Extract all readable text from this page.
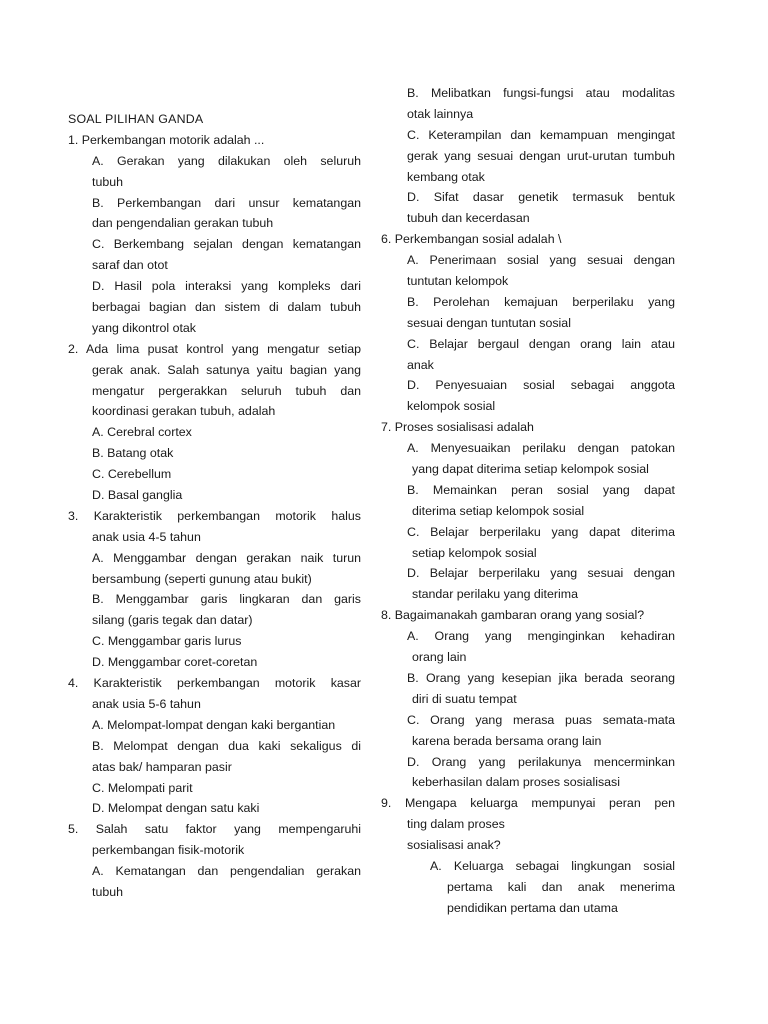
SOAL PILIHAN GANDA
1. Perkembangan motorik adalah ...
A. Gerakan yang dilakukan oleh seluruh
tubuh
B. Perkembangan dari unsur kematangan
dan pengendalian gerakan tubuh
C. Berkembang sejalan dengan kematangan
saraf dan otot
D. Hasil pola interaksi yang kompleks dari
berbagai bagian dan sistem di dalam tubuh
yang dikontrol otak
2. Ada lima pusat kontrol yang mengatur setiap
gerak anak. Salah satunya yaitu bagian yang
mengatur pergerakkan seluruh tubuh dan
koordinasi gerakan tubuh, adalah
A. Cerebral cortex
B. Batang otak
C. Cerebellum
D. Basal ganglia
3. Karakteristik perkembangan motorik halus
anak usia 4-5 tahun
A. Menggambar dengan gerakan naik turun
bersambung (seperti gunung atau bukit)
B. Menggambar garis lingkaran dan garis
silang (garis tegak dan datar)
C. Menggambar garis lurus
D. Menggambar coret-coretan
4. Karakteristik perkembangan motorik kasar
anak usia 5-6 tahun
A. Melompat-lompat dengan kaki bergantian
B. Melompat dengan dua kaki sekaligus di
atas bak/ hamparan pasir
C. Melompati parit
D. Melompat dengan satu kaki
5. Salah satu faktor yang mempengaruhi
perkembangan fisik-motorik
A. Kematangan dan pengendalian gerakan
tubuh
B. Melibatkan fungsi-fungsi atau modalitas
otak lainnya
C. Keterampilan dan kemampuan mengingat
gerak yang sesuai dengan urut-urutan tumbuh
kembang otak
D. Sifat dasar genetik termasuk bentuk
tubuh dan kecerdasan
6. Perkembangan sosial adalah \
A. Penerimaan sosial yang sesuai dengan
tuntutan kelompok
B. Perolehan kemajuan berperilaku yang
sesuai dengan tuntutan sosial
C. Belajar bergaul dengan orang lain atau
anak
D. Penyesuaian sosial sebagai anggota
kelompok sosial
7. Proses sosialisasi adalah
A. Menyesuaikan perilaku dengan patokan
yang dapat diterima setiap kelompok sosial
B. Memainkan peran sosial yang dapat
diterima setiap kelompok sosial
C. Belajar berperilaku yang dapat diterima
setiap kelompok sosial
D. Belajar berperilaku yang sesuai dengan
standar perilaku yang diterima
8. Bagaimanakah gambaran orang yang sosial?
A. Orang yang menginginkan kehadiran
orang lain
B. Orang yang kesepian jika berada seorang
diri di suatu tempat
C. Orang yang merasa puas semata-mata
karena berada bersama orang lain
D. Orang yang perilakunya mencerminkan
keberhasilan dalam proses sosialisasi
9. Mengapa keluarga mempunyai peran pen
ting dalam proses
sosialisasi anak?
A. Keluarga sebagai lingkungan sosial
pertama kali dan anak menerima
pendidikan pertama dan utama
